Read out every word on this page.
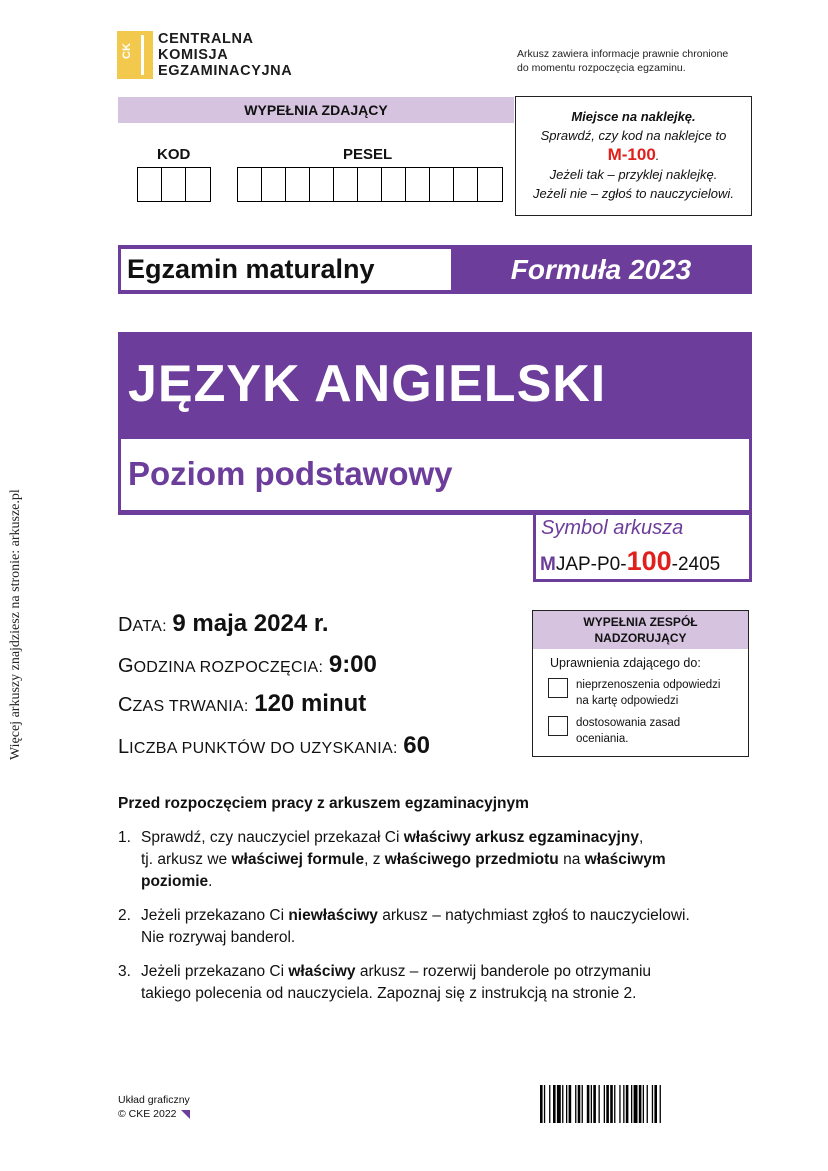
Więcej arkuszy znajdziesz na stronie: arkusze.pl
CK
CENTRALNA
KOMISJA
EGZAMINACYJNA
Arkusz zawiera informacje prawnie chronione
do momentu rozpoczęcia egzaminu.
WYPEŁNIA ZDAJĄCY
KOD	PESEL
Miejsce na naklejkę.
Sprawdź, czy kod na naklejce to
M-100.
Jeżeli tak – przyklej naklejkę.
Jeżeli nie – zgłoś to nauczycielowi.
Egzamin maturalny	Formuła 2023
JĘZYK ANGIELSKI
Poziom podstawowy
Symbol arkusza
MJAP-P0-100-2405
DATA: 9 maja 2024 r.
GODZINA ROZPOCZĘCIA: 9:00
CZAS TRWANIA: 120 minut
LICZBA PUNKTÓW DO UZYSKANIA: 60
WYPEŁNIA ZESPÓŁ
NADZORUJĄCY
Uprawnienia zdającego do:
nieprzenoszenia odpowiedzi
na kartę odpowiedzi
dostosowania zasad
oceniania.
Przed rozpoczęciem pracy z arkuszem egzaminacyjnym
1. Sprawdź, czy nauczyciel przekazał Ci właściwy arkusz egzaminacyjny,
tj. arkusz we właściwej formule, z właściwego przedmiotu na właściwym
poziomie.
2. Jeżeli przekazano Ci niewłaściwy arkusz – natychmiast zgłoś to nauczycielowi.
Nie rozrywaj banderol.
3. Jeżeli przekazano Ci właściwy arkusz – rozerwij banderole po otrzymaniu
takiego polecenia od nauczyciela. Zapoznaj się z instrukcją na stronie 2.
Układ graficzny
© CKE 2022
